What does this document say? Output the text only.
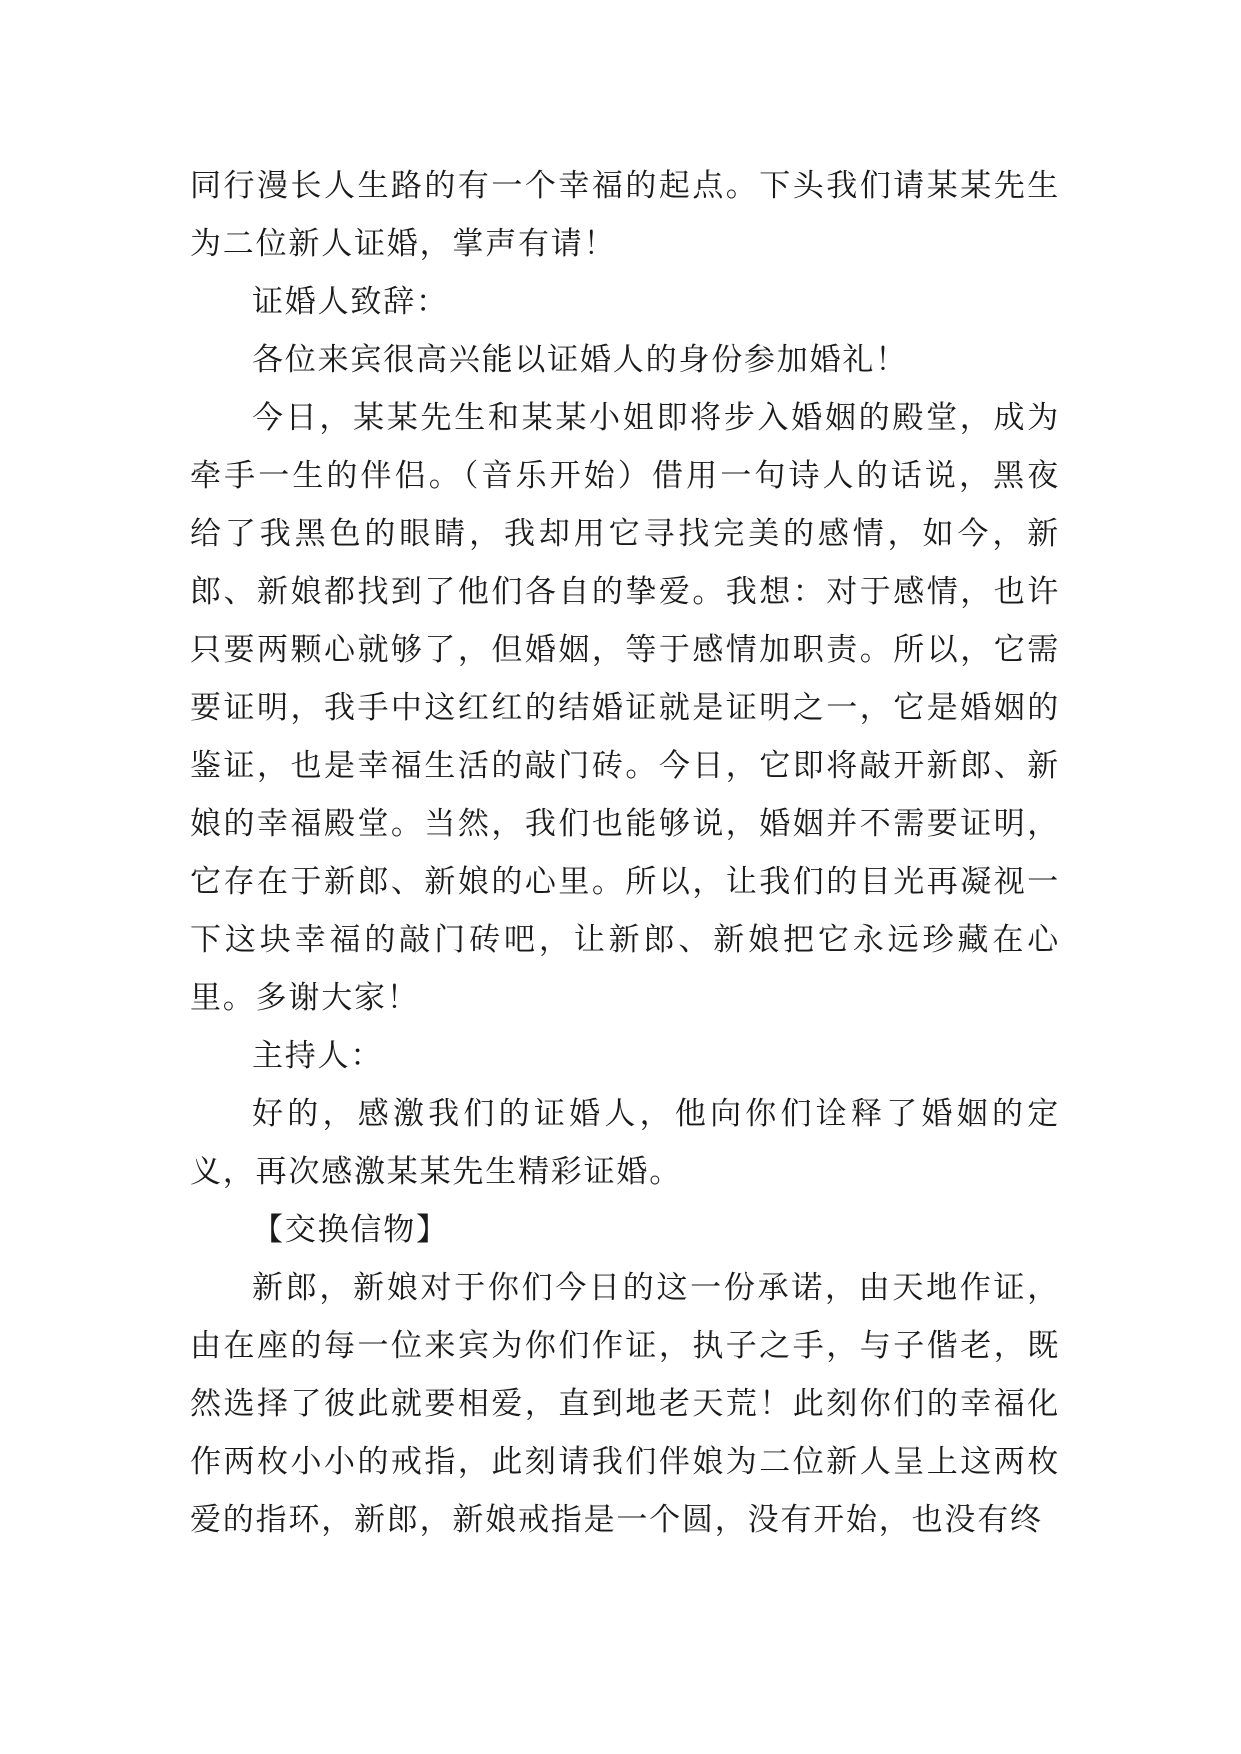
同行漫长人生路的有一个幸福的起点。下头我们请某某先生为二位新人证婚，掌声有请！

证婚人致辞：

各位来宾很高兴能以证婚人的身份参加婚礼！

今日，某某先生和某某小姐即将步入婚姻的殿堂，成为牵手一生的伴侣。（音乐开始）借用一句诗人的话说，黑夜给了我黑色的眼睛，我却用它寻找完美的感情，如今，新郎、新娘都找到了他们各自的挚爱。我想：对于感情，也许只要两颗心就够了，但婚姻，等于感情加职责。所以，它需要证明，我手中这红红的结婚证就是证明之一，它是婚姻的鉴证，也是幸福生活的敲门砖。今日，它即将敲开新郎、新娘的幸福殿堂。当然，我们也能够说，婚姻并不需要证明，它存在于新郎、新娘的心里。所以，让我们的目光再凝视一下这块幸福的敲门砖吧，让新郎、新娘把它永远珍藏在心里。多谢大家！

主持人：

好的，感激我们的证婚人，他向你们诠释了婚姻的定义，再次感激某某先生精彩证婚。

【交换信物】

新郎，新娘对于你们今日的这一份承诺，由天地作证，由在座的每一位来宾为你们作证，执子之手，与子偕老，既然选择了彼此就要相爱，直到地老天荒！此刻你们的幸福化作两枚小小的戒指，此刻请我们伴娘为二位新人呈上这两枚爱的指环，新郎，新娘戒指是一个圆，没有开始，也没有终
